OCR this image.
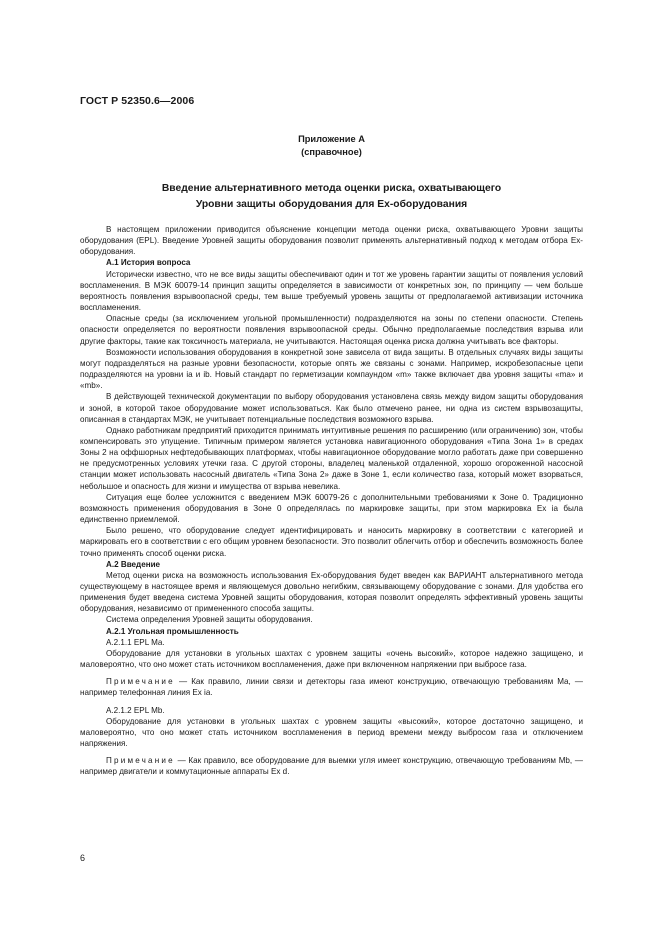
ГОСТ Р 52350.6—2006
Приложение А
(справочное)
Введение альтернативного метода оценки риска, охватывающего
Уровни защиты оборудования для Ex-оборудования

В настоящем приложении приводится объяснение концепции метода оценки риска, охватывающего Уровни защиты оборудования (EPL). Введение Уровней защиты оборудования позволит применять альтернативный подход к методам отбора Ex-оборудования.

А.1 История вопроса

Исторически известно, что не все виды защиты обеспечивают один и тот же уровень гарантии защиты от появления условий воспламенения. В МЭК 60079-14 принцип защиты определяется в зависимости от конкретных зон, по принципу — чем больше вероятность появления взрывоопасной среды, тем выше требуемый уровень защиты от предполагаемой активизации источника воспламенения.

Опасные среды (за исключением угольной промышленности) подразделяются на зоны по степени опасности. Степень опасности определяется по вероятности появления взрывоопасной среды. Обычно предполагаемые последствия взрыва или другие факторы, такие как токсичность материала, не учитываются. Настоящая оценка риска должна учитывать все факторы.

Возможности использования оборудования в конкретной зоне зависела от вида защиты. В отдельных случаях виды защиты могут подразделяться на разные уровни безопасности, которые опять же связаны с зонами. Например, искробезопасные цепи подразделяются на уровни ia и ib. Новый стандарт по герметизации компаундом «m» также включает два уровня защиты «ma» и «mb».

В действующей технической документации по выбору оборудования установлена связь между видом защиты оборудования и зоной, в которой такое оборудование может использоваться. Как было отмечено ранее, ни одна из систем взрывозащиты, описанная в стандартах МЭК, не учитывает потенциальные последствия возможного взрыва.

Однако работникам предприятий приходится принимать интуитивные решения по расширению (или ограничению) зон, чтобы компенсировать это упущение. Типичным примером является установка навигационного оборудования «Типа Зона 1» в средах Зоны 2 на оффшорных нефтедобывающих платформах, чтобы навигационное оборудование могло работать даже при совершенно не предусмотренных условиях утечки газа. С другой стороны, владелец маленькой отдаленной, хорошо огороженной насосной станции может использовать насосный двигатель «Типа Зона 2» даже в Зоне 1, если количество газа, который может взорваться, небольшое и опасность для жизни и имущества от взрыва невелика.

Ситуация еще более усложнится с введением МЭК 60079-26 с дополнительными требованиями к Зоне 0. Традиционно возможность применения оборудования в Зоне 0 определялась по маркировке защиты, при этом маркировка Ex ia была единственно приемлемой.

Было решено, что оборудование следует идентифицировать и наносить маркировку в соответствии с категорией и маркировать его в соответствии с его общим уровнем безопасности. Это позволит облегчить отбор и обеспечить возможность более точно применять способ оценки риска.

А.2 Введение

Метод оценки риска на возможность использования Ex-оборудования будет введен как ВАРИАНТ альтернативного метода существующему в настоящее время и являющемуся довольно негибким, связывающему оборудование с зонами. Для удобства его применения будет введена система Уровней защиты оборудования, которая позволит определять эффективный уровень защиты оборудования, независимо от примененного способа защиты.

Система определения Уровней защиты оборудования.

А.2.1 Угольная промышленность

А.2.1.1 EPL Ma.

Оборудование для установки в угольных шахтах с уровнем защиты «очень высокий», которое надежно защищено, и маловероятно, что оно может стать источником воспламенения, даже при включенном напряжении при выбросе газа.

Примечание — Как правило, линии связи и детекторы газа имеют конструкцию, отвечающую требованиям Ma, — например телефонная линия Ex ia.

А.2.1.2 EPL Mb.

Оборудование для установки в угольных шахтах с уровнем защиты «высокий», которое достаточно защищено, и маловероятно, что оно может стать источником воспламенения в период времени между выбросом газа и отключением напряжения.

Примечание — Как правило, все оборудование для выемки угля имеет конструкцию, отвечающую требованиям Mb, — например двигатели и коммутационные аппараты Ex d.

6
